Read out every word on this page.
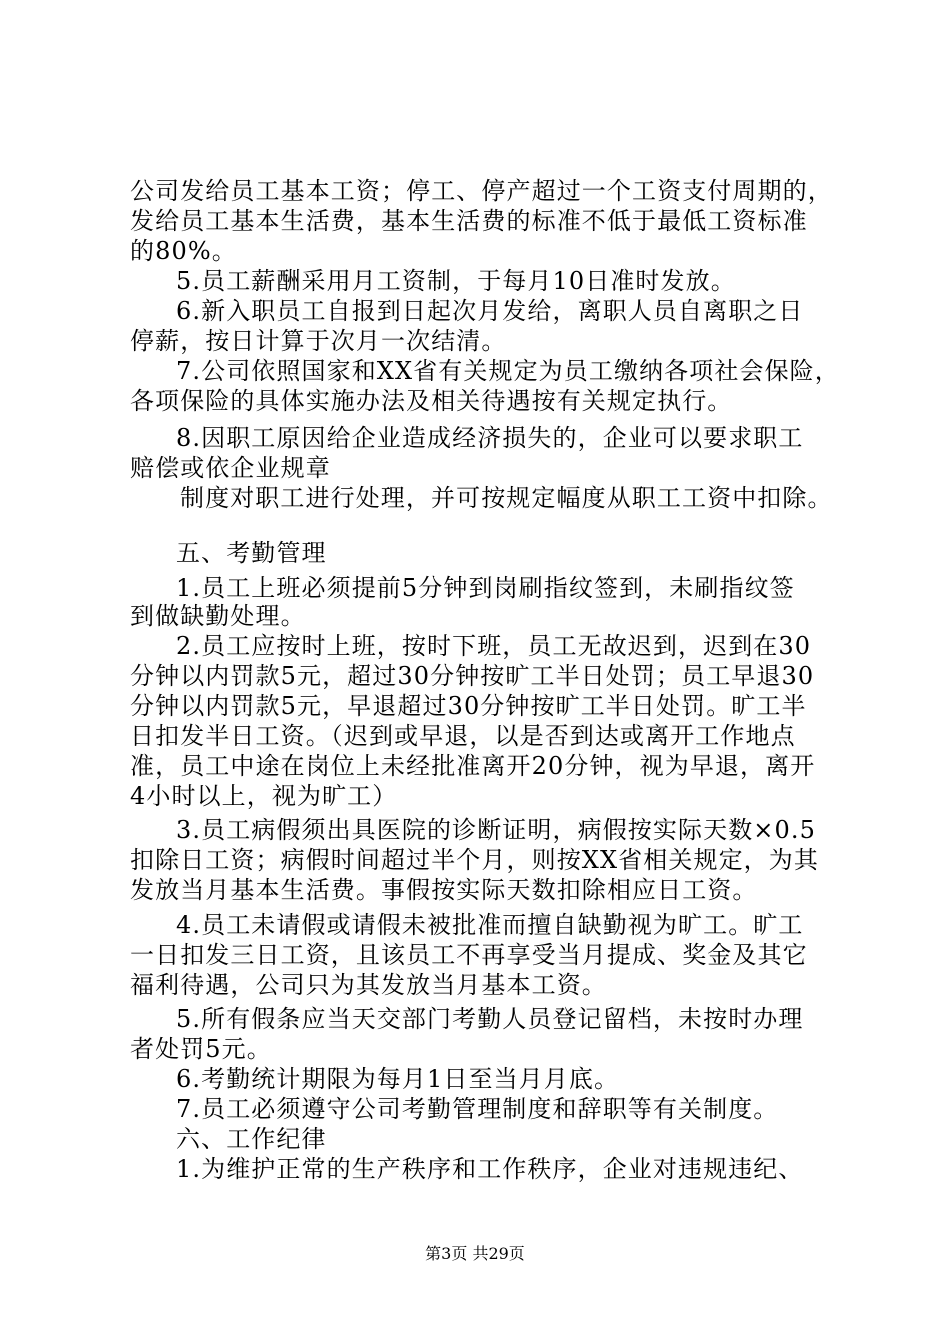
公司发给员工基本工资；停工、停产超过一个工资支付周期的，
发给员工基本生活费，基本生活费的标准不低于最低工资标准
的80%。
5.员工薪酬采用月工资制，于每月10日准时发放。
6.新入职员工自报到日起次月发给，离职人员自离职之日
停薪，按日计算于次月一次结清。
7.公司依照国家和XX省有关规定为员工缴纳各项社会保险，
各项保险的具体实施办法及相关待遇按有关规定执行。
8.因职工原因给企业造成经济损失的，企业可以要求职工
赔偿或依企业规章
制度对职工进行处理，并可按规定幅度从职工工资中扣除。
五、考勤管理
1.员工上班必须提前5分钟到岗刷指纹签到，未刷指纹签
到做缺勤处理。
2.员工应按时上班，按时下班，员工无故迟到，迟到在30
分钟以内罚款5元，超过30分钟按旷工半日处罚；员工早退30
分钟以内罚款5元，早退超过30分钟按旷工半日处罚。旷工半
日扣发半日工资。（迟到或早退，以是否到达或离开工作地点
准，员工中途在岗位上未经批准离开20分钟，视为早退，离开
4小时以上，视为旷工）
3.员工病假须出具医院的诊断证明，病假按实际天数×0.5
扣除日工资；病假时间超过半个月，则按XX省相关规定，为其
发放当月基本生活费。事假按实际天数扣除相应日工资。
4.员工未请假或请假未被批准而擅自缺勤视为旷工。旷工
一日扣发三日工资，且该员工不再享受当月提成、奖金及其它
福利待遇，公司只为其发放当月基本工资。
5.所有假条应当天交部门考勤人员登记留档，未按时办理
者处罚5元。
6.考勤统计期限为每月1日至当月月底。
7.员工必须遵守公司考勤管理制度和辞职等有关制度。
六、工作纪律
1.为维护正常的生产秩序和工作秩序，企业对违规违纪、
第3页 共29页
